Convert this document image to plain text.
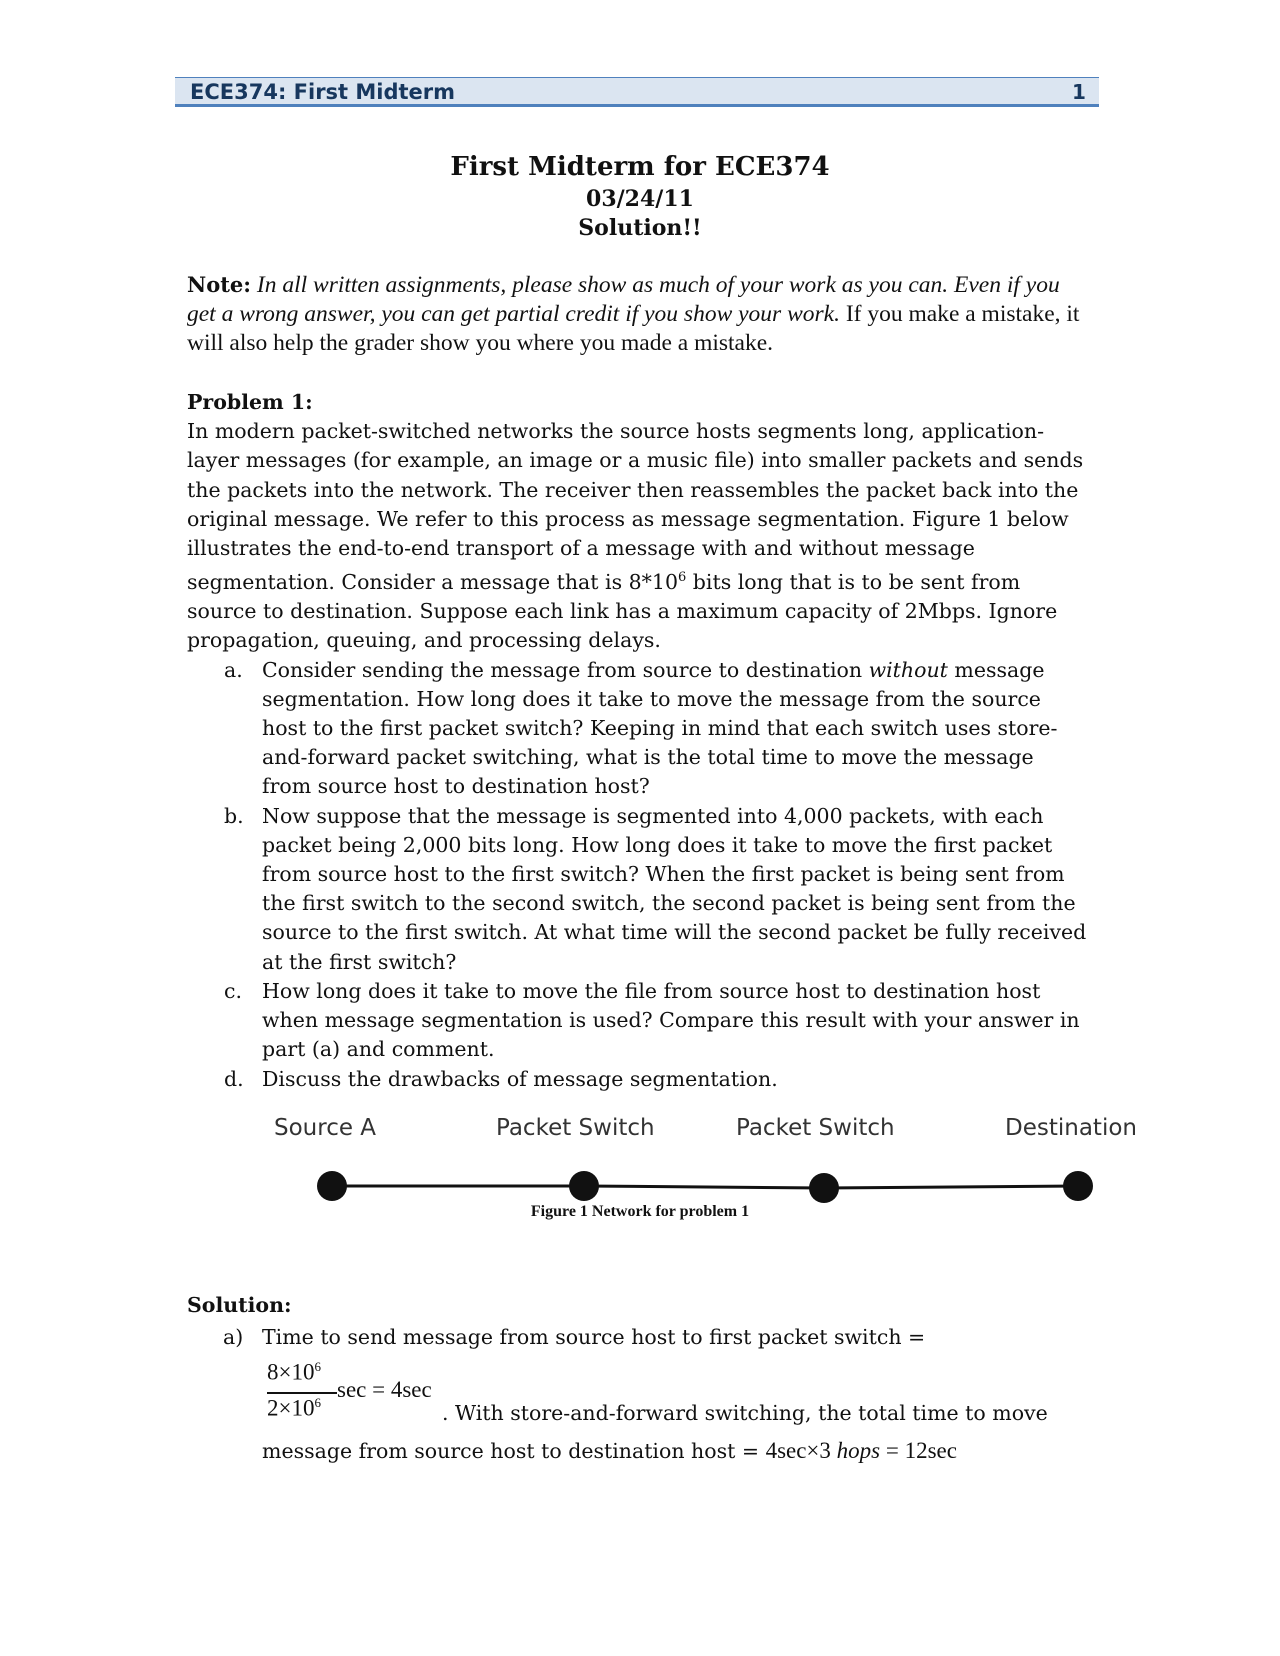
ECE374: First Midterm	1
First Midterm for ECE374
03/24/11
Solution!!
Note: In all written assignments, please show as much of your work as you can. Even if you get a wrong answer, you can get partial credit if you show your work. If you make a mistake, it will also help the grader show you where you made a mistake.
Problem 1:
In modern packet-switched networks the source hosts segments long, application-layer messages (for example, an image or a music file) into smaller packets and sends the packets into the network. The receiver then reassembles the packet back into the original message. We refer to this process as message segmentation. Figure 1 below illustrates the end-to-end transport of a message with and without message segmentation. Consider a message that is $8*10^6$ bits long that is to be sent from source to destination. Suppose each link has a maximum capacity of 2Mbps. Ignore propagation, queuing, and processing delays.
a. Consider sending the message from source to destination without message segmentation. How long does it take to move the message from the source host to the first packet switch? Keeping in mind that each switch uses store-and-forward packet switching, what is the total time to move the message from source host to destination host?
b. Now suppose that the message is segmented into 4,000 packets, with each packet being 2,000 bits long. How long does it take to move the first packet from source host to the first switch? When the first packet is being sent from the first switch to the second switch, the second packet is being sent from the source to the first switch. At what time will the second packet be fully received at the first switch?
c. How long does it take to move the file from source host to destination host when message segmentation is used? Compare this result with your answer in part (a) and comment.
d. Discuss the drawbacks of message segmentation.
Source A	Packet Switch	Packet Switch	Destination
Figure 1 Network for problem 1
Solution:
a) Time to send message from source host to first packet switch =
$8\times 10^6$
$2\times 10^6$
sec = 4sec
. With store-and-forward switching, the total time to move
message from source host to destination host = 4sec×3 hops = 12sec
